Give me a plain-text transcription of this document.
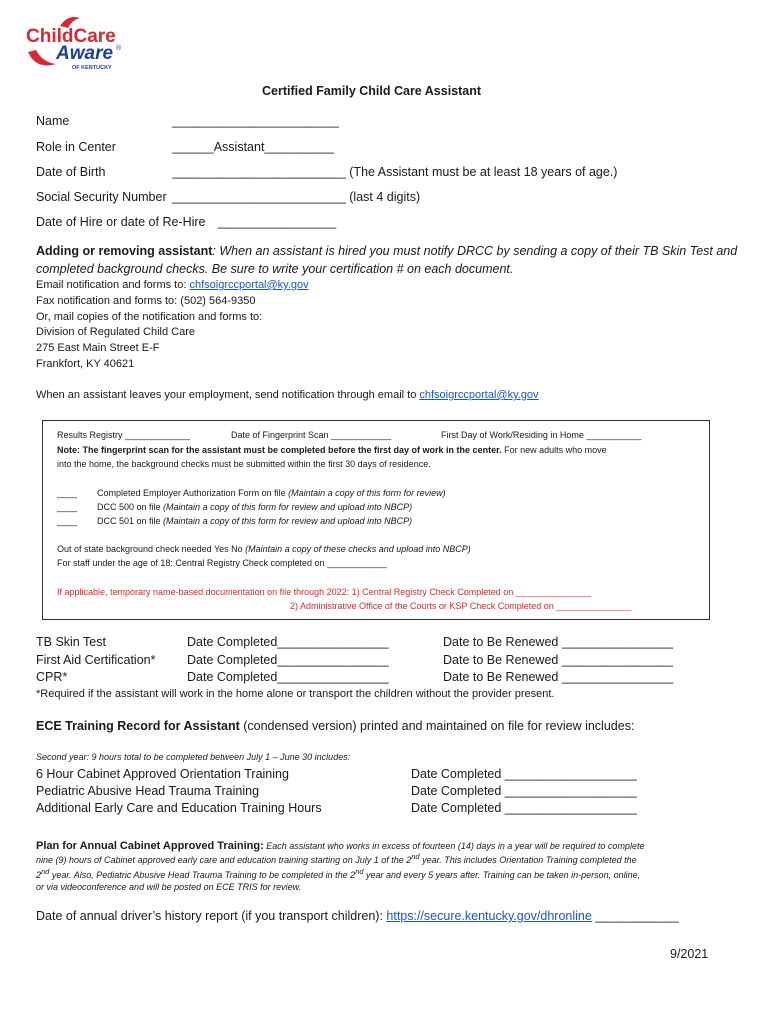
ChildCare
Aware ®
OF KENTUCKY
Certified Family Child Care Assistant
Name	________________________
Role in Center	______Assistant__________
Date of Birth	_________________________ (The Assistant must be at least 18 years of age.)
Social Security Number _________________________ (last 4 digits)
Date of Hire or date of Re-Hire _________________
Adding or removing assistant: When an assistant is hired you must notify DRCC by sending a copy of their TB Skin Test and
completed background checks. Be sure to write your certification # on each document.
Email notification and forms to: chfsoigrccportal@ky.gov
Fax notification and forms to: (502) 564-9350
Or, mail copies of the notification and forms to:
Division of Regulated Child Care
275 East Main Street E-F
Frankfort, KY 40621
When an assistant leaves your employment, send notification through email to chfsoigrccportal@ky.gov
Results Registry _____________	Date of Fingerprint Scan ____________	First Day of Work/Residing in Home ___________
Note: The fingerprint scan for the assistant must be completed before the first day of work in the center. For new adults who move
into the home, the background checks must be submitted within the first 30 days of residence.
____ Completed Employer Authorization Form on file (Maintain a copy of this form for review)
____ DCC 500 on file (Maintain a copy of this form for review and upload into NBCP)
____ DCC 501 on file (Maintain a copy of this form for review and upload into NBCP)
Out of state background check needed Yes No (Maintain a copy of these checks and upload into NBCP)
For staff under the age of 18: Central Registry Check completed on ____________
If applicable, temporary name-based documentation on file through 2022: 1) Central Registry Check Completed on _______________
2) Administrative Office of the Courts or KSP Check Completed on _______________
TB Skin Test	Date Completed________________	Date to Be Renewed ________________
First Aid Certification*	Date Completed________________	Date to Be Renewed ________________
CPR*	Date Completed________________	Date to Be Renewed ________________
*Required if the assistant will work in the home alone or transport the children without the provider present.
ECE Training Record for Assistant (condensed version) printed and maintained on file for review includes:
Second year: 9 hours total to be completed between July 1 – June 30 includes:
6 Hour Cabinet Approved Orientation Training	Date Completed ___________________
Pediatric Abusive Head Trauma Training	Date Completed ___________________
Additional Early Care and Education Training Hours	Date Completed ___________________
Plan for Annual Cabinet Approved Training: Each assistant who works in excess of fourteen (14) days in a year will be required to complete
nine (9) hours of Cabinet approved early care and education training starting on July 1 of the 2nd year. This includes Orientation Training completed the
2nd year. Also, Pediatric Abusive Head Trauma Training to be completed in the 2nd year and every 5 years after. Training can be taken in-person, online,
or via videoconference and will be posted on ECE TRIS for review.
Date of annual driver’s history report (if you transport children): https://secure.kentucky.gov/dhronline ____________
9/2021
